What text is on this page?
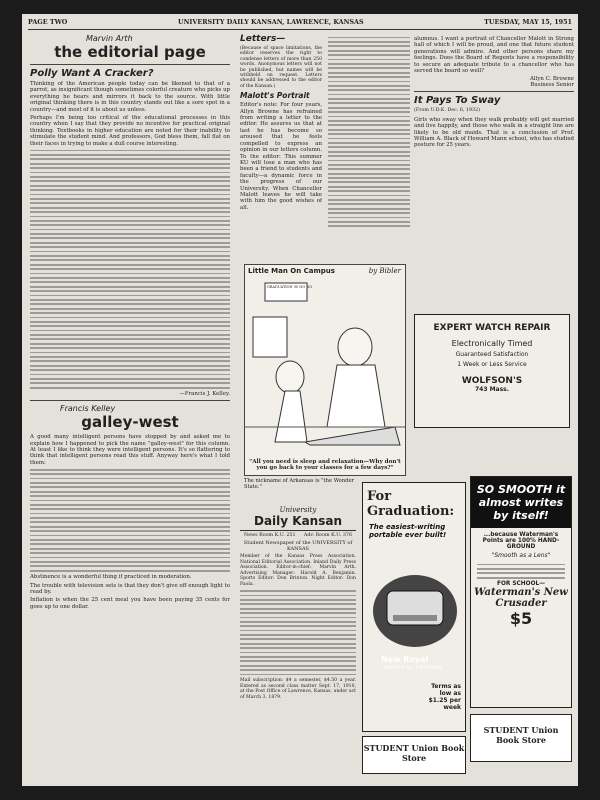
PAGE TWO	UNIVERSITY DAILY KANSAN, LAWRENCE, KANSAS	TUESDAY, MAY 15, 1951
Marvin Arth
the editorial page
Polly Want A Cracker?

Thinking of the American people today can be likened to that of a parrot, as insignificant though sometimes colorful creature who picks up everything he hears and mirrors it back to the source. With little original thinking there is in this country stands out like a sore spot in a country—and most of it is about us unless.

Perhaps I'm being too critical of the educational processes in this country when I say that they provide no incentive for practical original thinking. Textbooks in higher education are noted for their inability to stimulate the student mind. And professors, God bless them, fall flat on their faces in trying to make a dull course interesting.

—Francis J. Kelley.
Francis Kelley
galley-west

A good many intelligent persons have stopped by and asked me to explain how I happened to pick the name "galley-west" for this column. At least I like to think they were intelligent persons. It's so flattering to think that intelligent persons read this stuff. Anyway here's what I told them:

Abstinence is a wonderful thing if practiced in moderation.

The trouble with television sets is that they don't give off enough light to read by.

Inflation is when the 25 cent meal you have been paying 35 cents for goes up to one dollar.

Letters—

(Because of space limitations, the editor reserves the right to condense letters of more than 250 words. Anonymous letters will not be published, but names will be withheld on request. Letters should be addressed to the editor of the Kansan.)

Malott's Portrait

Editor's note: For four years, Allyn Browne has refrained from writing a letter to the editor. He assures us that at last he has become so aroused that he feels compelled to express an opinion in our letters column. To the editor: This summer KU will lose a man who has been a friend to students and faculty—a dynamic force in the progress of our University. When Chancellor Malott leaves he will take with him the good wishes of all.

alumnus. I want a portrait of Chancellor Malott in Strong hall of which I will be proud, and one that future student generations will admire. And other persons share my feelings. Does the Board of Regents have a responsibility to secure an adequate tribute to a chancellor who has served the board so well?

Allyn C. Browne
Business Senior
It Pays To Sway
(From U.D.K. Dec. 6, 1932)

Girls who sway when they walk probably will get married and live happily, and those who walk in a straight line are likely to be old maids. That is a conclusion of Prof. William A. Black of Howard Mann school, who has studied posture for 25 years.

Little Man On Campus	by Bibler
GRADUATION 90 NO NO
"All you need is sleep and relaxation—Why don't you go back to your classes for a few days?"
EXPERT WATCH REPAIR
Electronically Timed
Guaranteed Satisfaction
1 Week or Less Service
WOLFSON'S
743 Mass.
The nickname of Arkansas is "the Wonder State."
University
Daily Kansan
News Room K.U. 251 Adv. Room K.U. 376
Student Newspaper of the UNIVERSITY of KANSAS

Member of the Kansas Press Association. National Editorial Association. Inland Daily Press Association. Editor-in-chief: Marvin Arth. Advertising Manager: Harold A. Benjamin. Sports Editor: Don Brinton. Night Editor: Don Paola.

Mail subscription: $4 a semester, $4.50 a year. Entered as second class matter Sept. 17, 1910, at the Post Office of Lawrence, Kansas, under act of March 3, 1879.

For Graduation:
The easiest-writing portable ever built!
New Royal
WORLD'S No. 1 PORTABLE
Terms as low as $1.25 per week
SO SMOOTH it almost writes by itself!
...because Waterman's Points are 100% HAND-GROUND
"Smooth as a Lens"
FOR SCHOOL—
Waterman's New Crusader
$5
STUDENT Union Book Store
STUDENT Union Book Store
